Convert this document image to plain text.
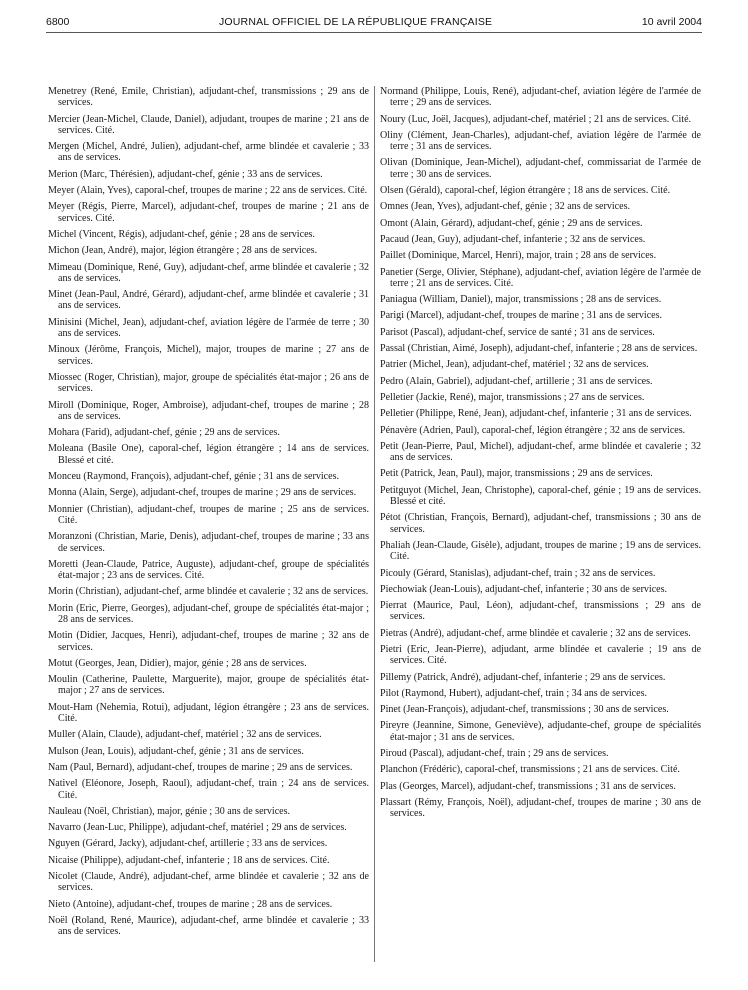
6800	JOURNAL OFFICIEL DE LA RÉPUBLIQUE FRANÇAISE	10 avril 2004

Menetrey (René, Emile, Christian), adjudant-chef, transmissions ; 29 ans de services.

Mercier (Jean-Michel, Claude, Daniel), adjudant, troupes de marine ; 21 ans de services. Cité.

Mergen (Michel, André, Julien), adjudant-chef, arme blindée et cavalerie ; 33 ans de services.

Merion (Marc, Thérésien), adjudant-chef, génie ; 33 ans de services.

Meyer (Alain, Yves), caporal-chef, troupes de marine ; 22 ans de services. Cité.

Meyer (Régis, Pierre, Marcel), adjudant-chef, troupes de marine ; 21 ans de services. Cité.

Michel (Vincent, Régis), adjudant-chef, génie ; 28 ans de services.

Michon (Jean, André), major, légion étrangère ; 28 ans de services.

Mimeau (Dominique, René, Guy), adjudant-chef, arme blindée et cavalerie ; 32 ans de services.

Minet (Jean-Paul, André, Gérard), adjudant-chef, arme blindée et cavalerie ; 31 ans de services.

Minisini (Michel, Jean), adjudant-chef, aviation légère de l'armée de terre ; 30 ans de services.

Minoux (Jérôme, François, Michel), major, troupes de marine ; 27 ans de services.

Miossec (Roger, Christian), major, groupe de spécialités état-major ; 26 ans de services.

Miroll (Dominique, Roger, Ambroise), adjudant-chef, troupes de marine ; 28 ans de services.

Mohara (Farid), adjudant-chef, génie ; 29 ans de services.

Moleana (Basile One), caporal-chef, légion étrangère ; 14 ans de services. Blessé et cité.

Monceu (Raymond, François), adjudant-chef, génie ; 31 ans de services.

Monna (Alain, Serge), adjudant-chef, troupes de marine ; 29 ans de services.

Monnier (Christian), adjudant-chef, troupes de marine ; 25 ans de services. Cité.

Moranzoni (Christian, Marie, Denis), adjudant-chef, troupes de marine ; 33 ans de services.

Moretti (Jean-Claude, Patrice, Auguste), adjudant-chef, groupe de spécialités état-major ; 23 ans de services. Cité.

Morin (Christian), adjudant-chef, arme blindée et cavalerie ; 32 ans de services.

Morin (Eric, Pierre, Georges), adjudant-chef, groupe de spécialités état-major ; 28 ans de services.

Motin (Didier, Jacques, Henri), adjudant-chef, troupes de marine ; 32 ans de services.

Motut (Georges, Jean, Didier), major, génie ; 28 ans de services.

Moulin (Catherine, Paulette, Marguerite), major, groupe de spécialités état-major ; 27 ans de services.

Mout-Ham (Nehemia, Rotui), adjudant, légion étrangère ; 23 ans de services. Cité.

Muller (Alain, Claude), adjudant-chef, matériel ; 32 ans de services.

Mulson (Jean, Louis), adjudant-chef, génie ; 31 ans de services.

Nam (Paul, Bernard), adjudant-chef, troupes de marine ; 29 ans de services.

Nativel (Eléonore, Joseph, Raoul), adjudant-chef, train ; 24 ans de services. Cité.

Nauleau (Noël, Christian), major, génie ; 30 ans de services.

Navarro (Jean-Luc, Philippe), adjudant-chef, matériel ; 29 ans de services.

Nguyen (Gérard, Jacky), adjudant-chef, artillerie ; 33 ans de services.

Nicaise (Philippe), adjudant-chef, infanterie ; 18 ans de services. Cité.

Nicolet (Claude, André), adjudant-chef, arme blindée et cavalerie ; 32 ans de services.

Nieto (Antoine), adjudant-chef, troupes de marine ; 28 ans de services.

Noël (Roland, René, Maurice), adjudant-chef, arme blindée et cavalerie ; 33 ans de services.

Normand (Philippe, Louis, René), adjudant-chef, aviation légère de l'armée de terre ; 29 ans de services.

Noury (Luc, Joël, Jacques), adjudant-chef, matériel ; 21 ans de services. Cité.

Oliny (Clément, Jean-Charles), adjudant-chef, aviation légère de l'armée de terre ; 31 ans de services.

Olivan (Dominique, Jean-Michel), adjudant-chef, commissariat de l'armée de terre ; 30 ans de services.

Olsen (Gérald), caporal-chef, légion étrangère ; 18 ans de services. Cité.

Omnes (Jean, Yves), adjudant-chef, génie ; 32 ans de services.

Omont (Alain, Gérard), adjudant-chef, génie ; 29 ans de services.

Pacaud (Jean, Guy), adjudant-chef, infanterie ; 32 ans de services.

Paillet (Dominique, Marcel, Henri), major, train ; 28 ans de services.

Panetier (Serge, Olivier, Stéphane), adjudant-chef, aviation légère de l'armée de terre ; 21 ans de services. Cité.

Paniagua (William, Daniel), major, transmissions ; 28 ans de services.

Parigi (Marcel), adjudant-chef, troupes de marine ; 31 ans de services.

Parisot (Pascal), adjudant-chef, service de santé ; 31 ans de services.

Passal (Christian, Aimé, Joseph), adjudant-chef, infanterie ; 28 ans de services.

Patrier (Michel, Jean), adjudant-chef, matériel ; 32 ans de services.

Pedro (Alain, Gabriel), adjudant-chef, artillerie ; 31 ans de services.

Pelletier (Jackie, René), major, transmissions ; 27 ans de services.

Pelletier (Philippe, René, Jean), adjudant-chef, infanterie ; 31 ans de services.

Pénavère (Adrien, Paul), caporal-chef, légion étrangère ; 32 ans de services.

Petit (Jean-Pierre, Paul, Michel), adjudant-chef, arme blindée et cavalerie ; 32 ans de services.

Petit (Patrick, Jean, Paul), major, transmissions ; 29 ans de services.

Petitguyot (Michel, Jean, Christophe), caporal-chef, génie ; 19 ans de services. Blessé et cité.

Pétot (Christian, François, Bernard), adjudant-chef, transmissions ; 30 ans de services.

Phaliah (Jean-Claude, Gisèle), adjudant, troupes de marine ; 19 ans de services. Cité.

Picouly (Gérard, Stanislas), adjudant-chef, train ; 32 ans de services.

Piechowiak (Jean-Louis), adjudant-chef, infanterie ; 30 ans de services.

Pierrat (Maurice, Paul, Léon), adjudant-chef, transmissions ; 29 ans de services.

Pietras (André), adjudant-chef, arme blindée et cavalerie ; 32 ans de services.

Pietri (Eric, Jean-Pierre), adjudant, arme blindée et cavalerie ; 19 ans de services. Cité.

Pillemy (Patrick, André), adjudant-chef, infanterie ; 29 ans de services.

Pilot (Raymond, Hubert), adjudant-chef, train ; 34 ans de services.

Pinet (Jean-François), adjudant-chef, transmissions ; 30 ans de services.

Pireyre (Jeannine, Simone, Geneviève), adjudante-chef, groupe de spécialités état-major ; 31 ans de services.

Piroud (Pascal), adjudant-chef, train ; 29 ans de services.

Planchon (Frédéric), caporal-chef, transmissions ; 21 ans de services. Cité.

Plas (Georges, Marcel), adjudant-chef, transmissions ; 31 ans de services.

Plassart (Rémy, François, Noël), adjudant-chef, troupes de marine ; 30 ans de services.
